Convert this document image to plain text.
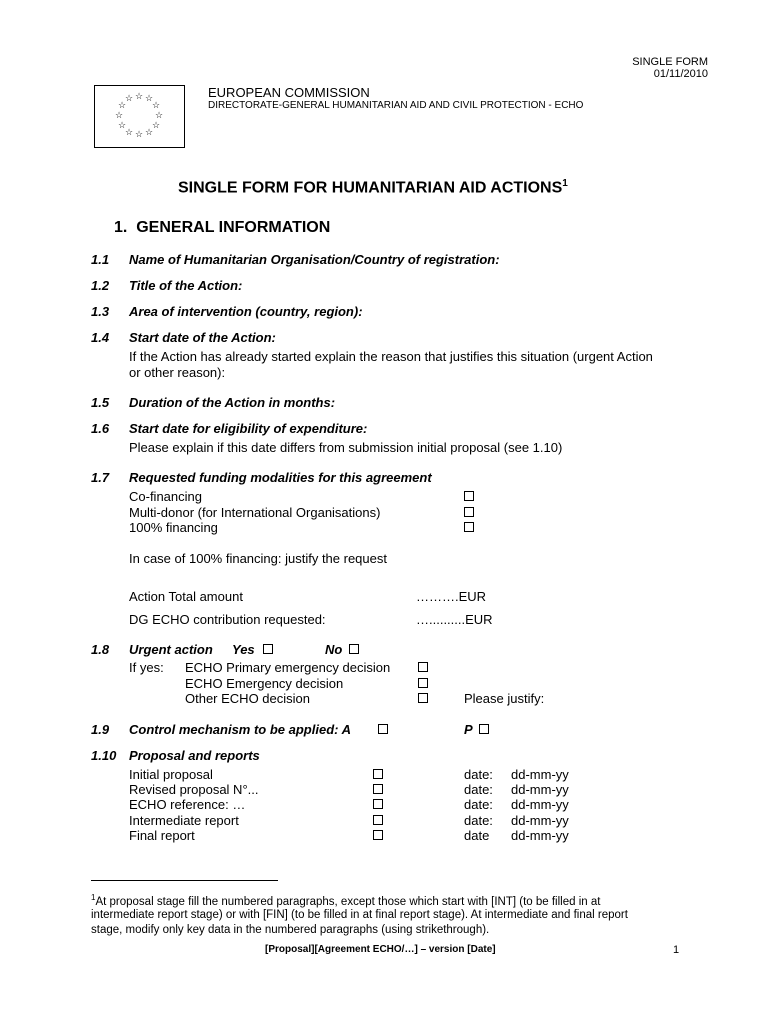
SINGLE FORM
01/11/2010
☆ ☆
☆
☆
☆
☆
☆
☆
☆
☆
☆
☆	EUROPEAN COMMISSION
DIRECTORATE-GENERAL HUMANITARIAN AID AND CIVIL PROTECTION - ECHO
SINGLE FORM FOR HUMANITARIAN AID ACTIONS$^1$
1. GENERAL INFORMATION
1.1 Name of Humanitarian Organisation/Country of registration:
1.2 Title of the Action:
1.3 Area of intervention (country, region):
1.4 Start date of the Action:
If the Action has already started explain the reason that justifies this situation (urgent Action
or other reason):
1.5 Duration of the Action in months:
1.6 Start date for eligibility of expenditure:
Please explain if this date differs from submission initial proposal (see 1.10)
1.7 Requested funding modalities for this agreement
Co-financing
Multi-donor (for International Organisations)
100% financing
In case of 100% financing: justify the request
Action Total amount	……….EUR
DG ECHO contribution requested:	…..........EUR
1.8 Urgent action Yes	No
If yes: ECHO Primary emergency decision
ECHO Emergency decision
Other ECHO decision	Please justify:
1.9 Control mechanism to be applied: A	P
1.10 Proposal and reports
Initial proposal	date: dd-mm-yy
Revised proposal N°...	date: dd-mm-yy
ECHO reference: …	date: dd-mm-yy
Intermediate report	date: dd-mm-yy
Final report	date dd-mm-yy
$^1$At proposal stage fill the numbered paragraphs, except those which start with [INT] (to be filled in at
intermediate report stage) or with [FIN] (to be filled in at final report stage). At intermediate and final report
stage, modify only key data in the numbered paragraphs (using strikethrough).
[Proposal][Agreement ECHO/…] – version [Date]	1
